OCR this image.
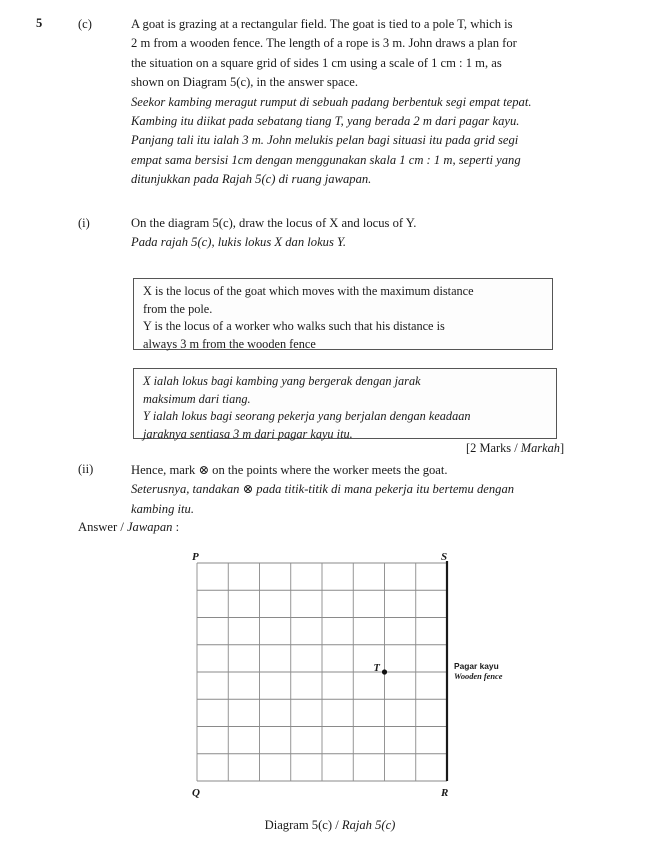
5	(c)	A goat is grazing at a rectangular field. The goat is tied to a pole T, which is

2 m from a wooden fence. The length of a rope is 3 m. John draws a plan for

the situation on a square grid of sides 1 cm using a scale of 1 cm : 1 m, as

shown on Diagram 5(c), in the answer space.

Seekor kambing meragut rumput di sebuah padang berbentuk segi empat tepat.

Kambing itu diikat pada sebatang tiang T, yang berada 2 m dari pagar kayu.

Panjang tali itu ialah 3 m. John melukis pelan bagi situasi itu pada grid segi

empat sama bersisi 1cm dengan menggunakan skala 1 cm : 1 m, seperti yang

ditunjukkan pada Rajah 5(c) di ruang jawapan.

(i)	On the diagram 5(c), draw the locus of X and locus of Y.

Pada rajah 5(c), lukis lokus X dan lokus Y.

X is the locus of the goat which moves with the maximum distance

from the pole.

Y is the locus of a worker who walks such that his distance is

always 3 m from the wooden fence

X ialah lokus bagi kambing yang bergerak dengan jarak

maksimum dari tiang.

Y ialah lokus bagi seorang pekerja yang berjalan dengan keadaan

jaraknya sentiasa 3 m dari pagar kayu itu.

[2 Marks / Markah]
(ii)	Hence, mark ⊗ on the points where the worker meets the goat.

Seterusnya, tandakan ⊗ pada titik-titik di mana pekerja itu bertemu dengan

kambing itu.

Answer / Jawapan :
P	S
Q	R
T	Pagar kayu
Wooden fence
Diagram 5(c) / Rajah 5(c)
